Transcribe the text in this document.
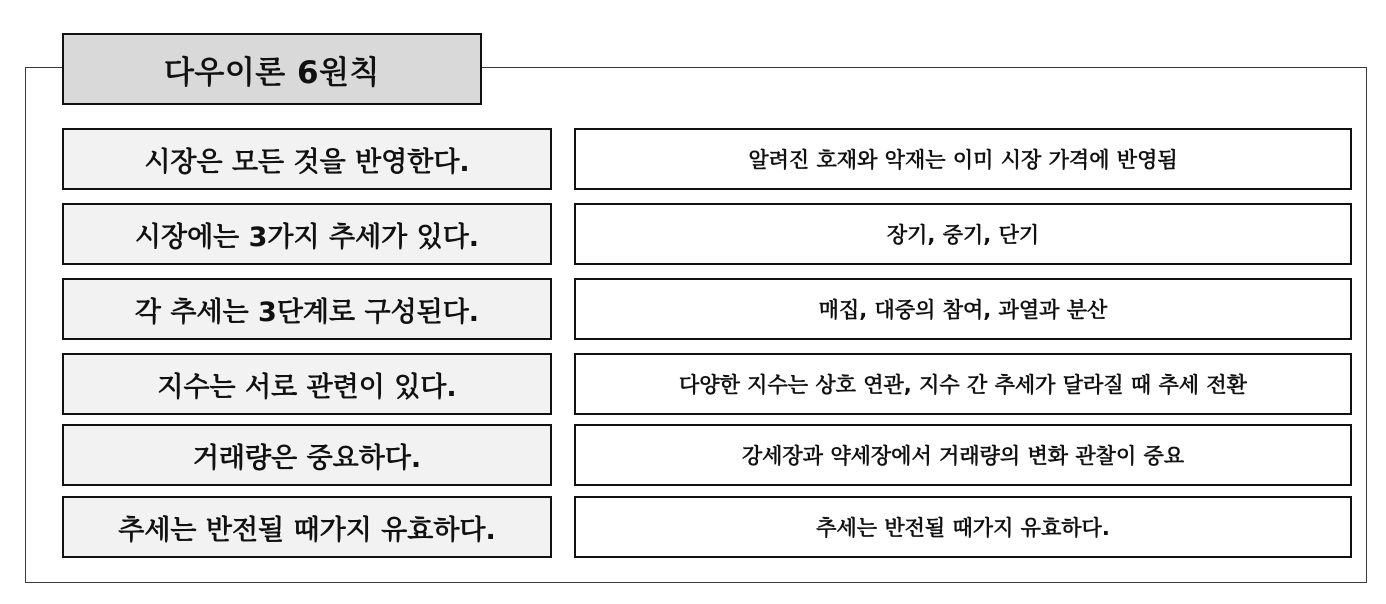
다우이론 6원칙
시장은 모든 것을 반영한다.	알려진 호재와 악재는 이미 시장 가격에 반영됨
시장에는 3가지 추세가 있다.	장기, 중기, 단기
각 추세는 3단계로 구성된다.	매집, 대중의 참여, 과열과 분산
지수는 서로 관련이 있다.	다양한 지수는 상호 연관, 지수 간 추세가 달라질 때 추세 전환
거래량은 중요하다.	강세장과 약세장에서 거래량의 변화 관찰이 중요
추세는 반전될 때가지 유효하다.	추세는 반전될 때가지 유효하다.
